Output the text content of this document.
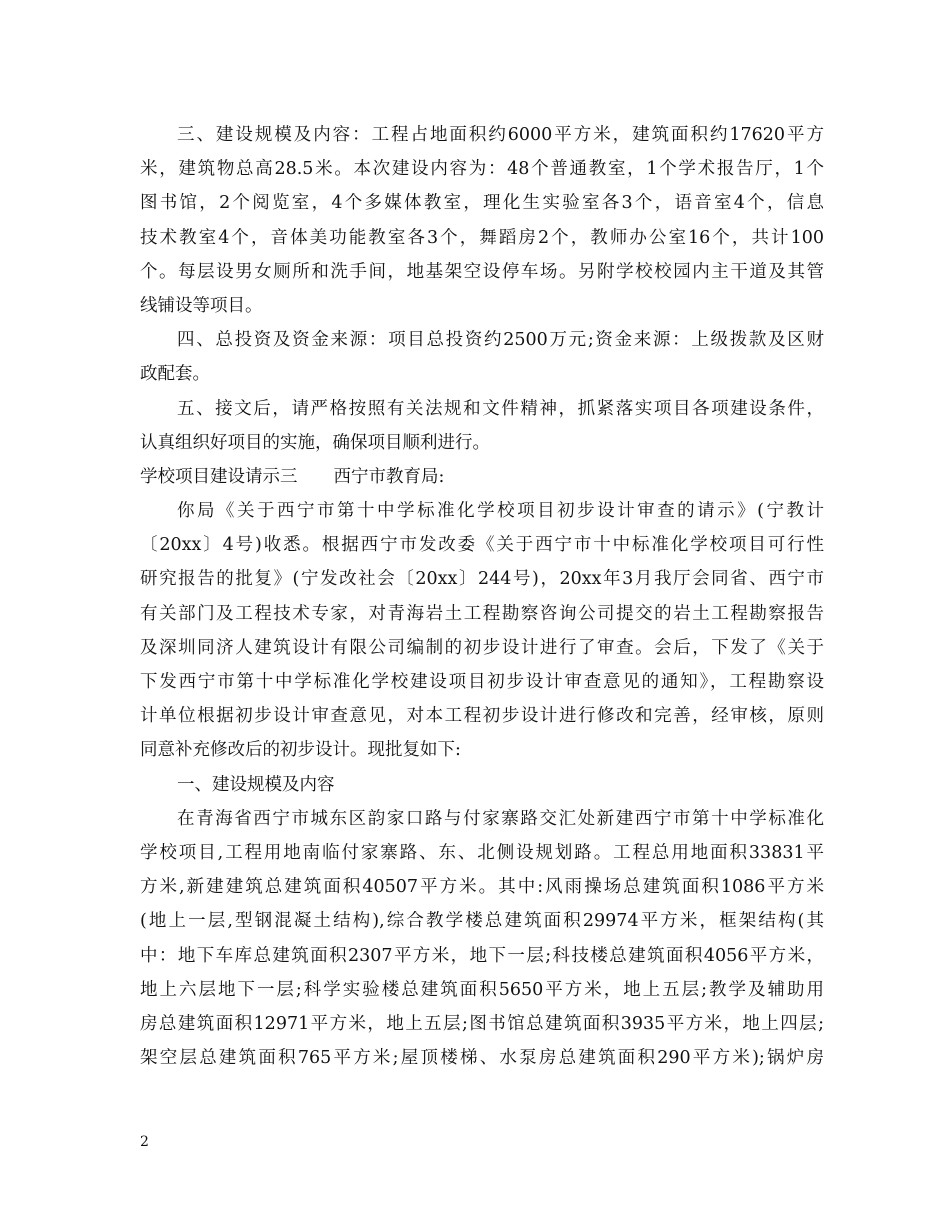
三、建设规模及内容：工程占地面积约6000平方米，建筑面积约17620平方
米，建筑物总高28.5米。本次建设内容为：48个普通教室，1个学术报告厅，1个
图书馆，2个阅览室，4个多媒体教室，理化生实验室各3个，语音室4个，信息
技术教室4个，音体美功能教室各3个，舞蹈房2个，教师办公室16个，共计100
个。每层设男女厕所和洗手间，地基架空设停车场。另附学校校园内主干道及其管
线铺设等项目。
四、总投资及资金来源：项目总投资约2500万元;资金来源：上级拨款及区财
政配套。
五、接文后，请严格按照有关法规和文件精神，抓紧落实项目各项建设条件，
认真组织好项目的实施，确保项目顺利进行。
学校项目建设请示三 西宁市教育局:
你局《关于西宁市第十中学标准化学校项目初步设计审查的请示》(宁教计
〔20xx〕4号)收悉。根据西宁市发改委《关于西宁市十中标准化学校项目可行性
研究报告的批复》(宁发改社会〔20xx〕244号)，20xx年3月我厅会同省、西宁市
有关部门及工程技术专家，对青海岩土工程勘察咨询公司提交的岩土工程勘察报告
及深圳同济人建筑设计有限公司编制的初步设计进行了审查。会后，下发了《关于
下发西宁市第十中学标准化学校建设项目初步设计审查意见的通知》，工程勘察设
计单位根据初步设计审查意见，对本工程初步设计进行修改和完善，经审核，原则
同意补充修改后的初步设计。现批复如下:
一、建设规模及内容
在青海省西宁市城东区韵家口路与付家寨路交汇处新建西宁市第十中学标准化
学校项目,工程用地南临付家寨路、东、北侧设规划路。工程总用地面积33831平
方米,新建建筑总建筑面积40507平方米。其中:风雨操场总建筑面积1086平方米
(地上一层,型钢混凝土结构),综合教学楼总建筑面积29974平方米，框架结构(其
中：地下车库总建筑面积2307平方米，地下一层;科技楼总建筑面积4056平方米，
地上六层地下一层;科学实验楼总建筑面积5650平方米，地上五层;教学及辅助用
房总建筑面积12971平方米，地上五层;图书馆总建筑面积3935平方米，地上四层;
架空层总建筑面积765平方米;屋顶楼梯、水泵房总建筑面积290平方米);锅炉房
2
